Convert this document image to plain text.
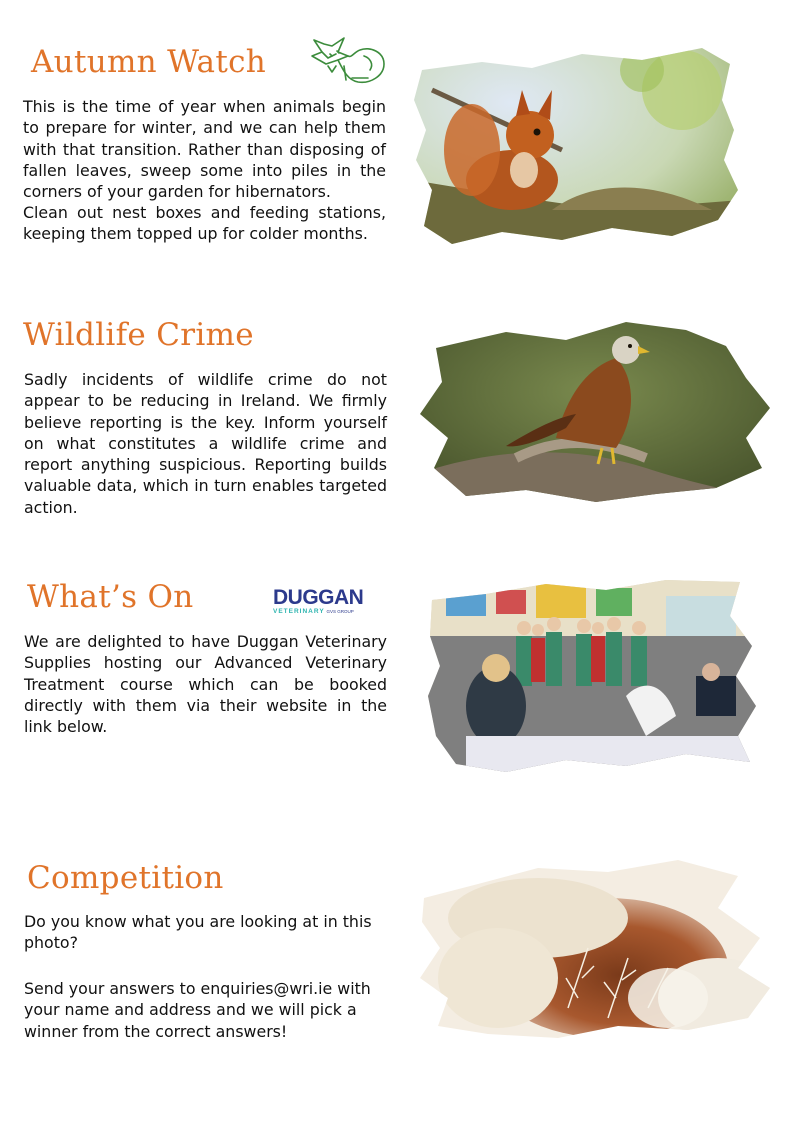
Autumn Watch

This is the time of year when animals begin to prepare for winter, and we can help them with that transition. Rather than disposing of fallen leaves, sweep some into piles in the corners of your garden for hibernators.

Clean out nest boxes and feeding stations, keeping them topped up for colder months.

Wildlife Crime

Sadly incidents of wildlife crime do not appear to be reducing in Ireland. We firmly believe reporting is the key. Inform yourself on what constitutes a wildlife crime and report anything suspicious. Reporting builds valuable data, which in turn enables targeted action.

What’s On	DUGGAN
VETERINARY GVS GROUP

We are delighted to have Duggan Veterinary Supplies hosting our Advanced Veterinary Treatment course which can be booked directly with them via their website in the link below.

Competition

Do you know what you are looking at in this photo?

Send your answers to enquiries@wri.ie with your name and address and we will pick a winner from the correct answers!
